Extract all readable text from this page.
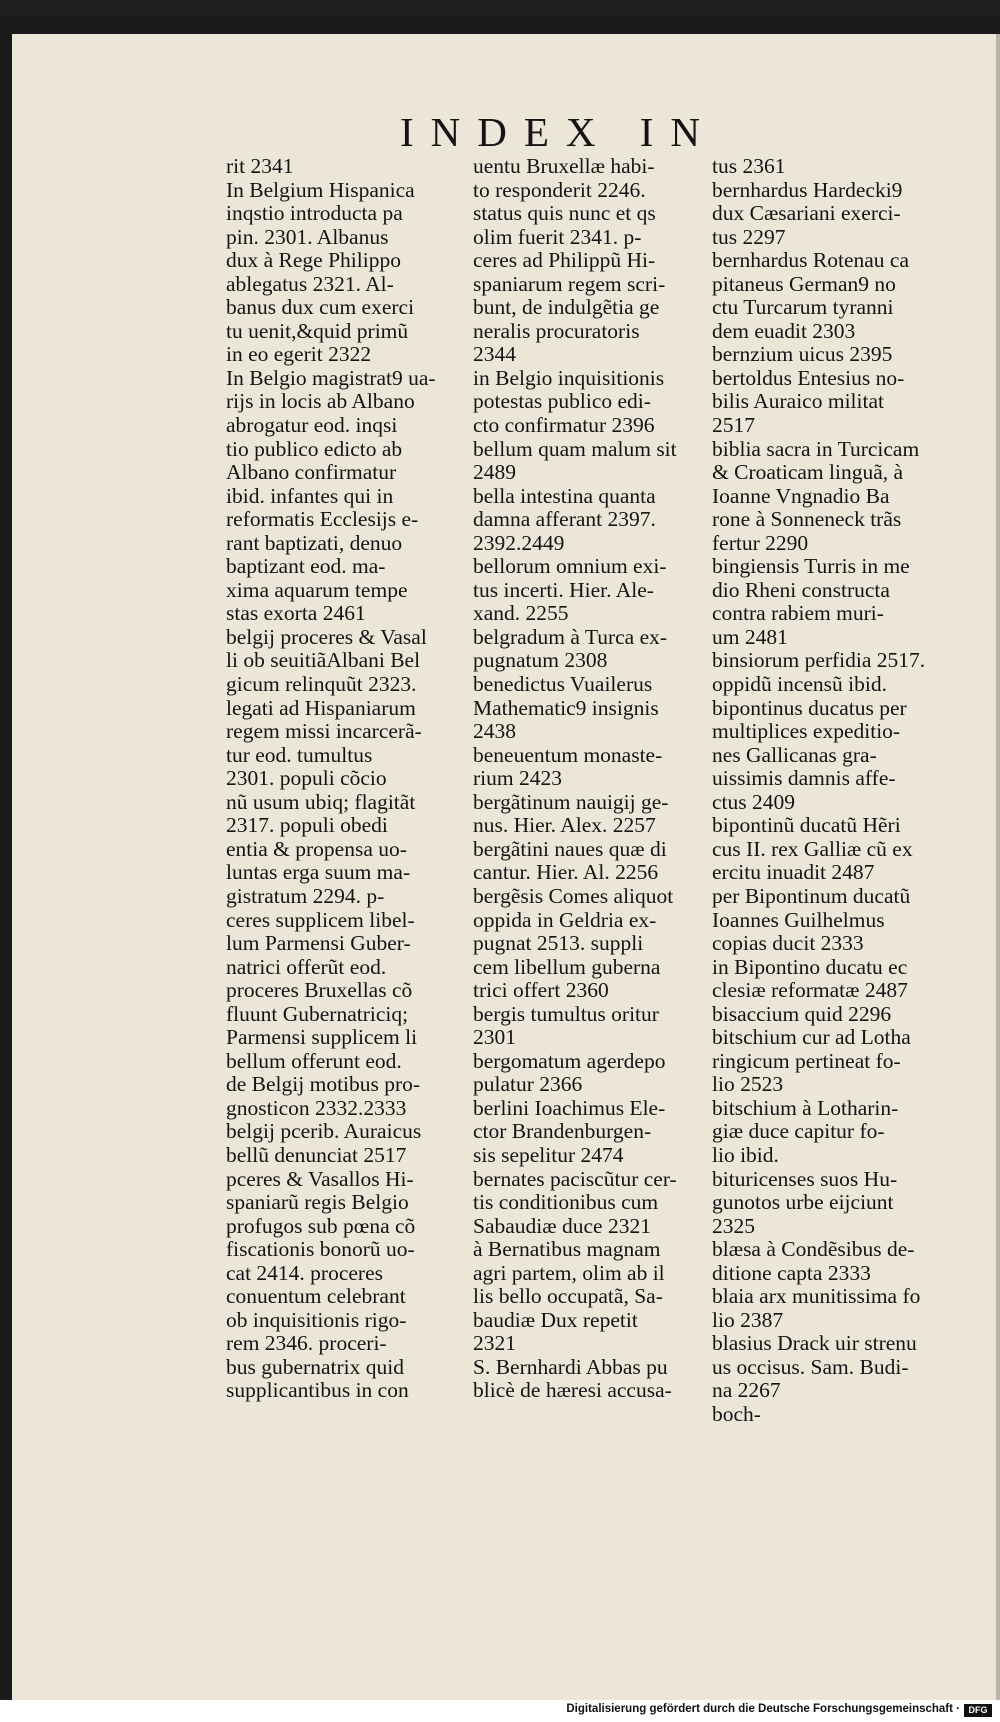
INDEX IN
rit 2341
In Belgium Hispanica
inqstio introducta pa
pin. 2301. Albanus
dux à Rege Philippo
ablegatus 2321. Al-
banus dux cum exerci
tu uenit,&quid primũ
in eo egerit 2322
In Belgio magistrat9 ua-
rijs in locis ab Albano
abrogatur eod. inqsi
tio publico edicto ab
Albano confirmatur
ibid. infantes qui in
reformatis Ecclesijs e-
rant baptizati, denuo
baptizant eod. ma-
xima aquarum tempe
stas exorta 2461
belgij proceres & Vasal
li ob seuitiãAlbani Bel
gicum relinquũt 2323.
legati ad Hispaniarum
regem missi incarcerã-
tur eod. tumultus
2301. populi cõcio
nũ usum ubiq; flagitãt
2317. populi obedi
entia & propensa uo-
luntas erga suum ma-
gistratum 2294. p-
ceres supplicem libel-
lum Parmensi Guber-
natrici offerũt eod.
proceres Bruxellas cõ
fluunt Gubernatriciq;
Parmensi supplicem li
bellum offerunt eod.
de Belgij motibus pro-
gnosticon 2332.2333
belgij pcerib. Auraicus
bellũ denunciat 2517
pceres & Vasallos Hi-
spaniarũ regis Belgio
profugos sub pœna cõ
fiscationis bonorũ uo-
cat 2414. proceres
conuentum celebrant
ob inquisitionis rigo-
rem 2346. proceri-
bus gubernatrix quid
supplicantibus in con
uentu Bruxellæ habi-
to responderit 2246.
status quis nunc et qs
olim fuerit 2341. p-
ceres ad Philippũ Hi-
spaniarum regem scri-
bunt, de indulgẽtia ge
neralis procuratoris
2344
in Belgio inquisitionis
potestas publico edi-
cto confirmatur 2396
bellum quam malum sit
2489
bella intestina quanta
damna afferant 2397.
2392.2449
bellorum omnium exi-
tus incerti. Hier. Ale-
xand. 2255
belgradum à Turca ex-
pugnatum 2308
benedictus Vuailerus
Mathematic9 insignis
2438
beneuentum monaste-
rium 2423
bergãtinum nauigij ge-
nus. Hier. Alex. 2257
bergãtini naues quæ di
cantur. Hier. Al. 2256
bergẽsis Comes aliquot
oppida in Geldria ex-
pugnat 2513. suppli
cem libellum guberna
trici offert 2360
bergis tumultus oritur
2301
bergomatum agerdepo
pulatur 2366
berlini Ioachimus Ele-
ctor Brandenburgen-
sis sepelitur 2474
bernates paciscũtur cer-
tis conditionibus cum
Sabaudiæ duce 2321
à Bernatibus magnam
agri partem, olim ab il
lis bello occupatã, Sa-
baudiæ Dux repetit
2321
S. Bernhardi Abbas pu
blicè de hæresi accusa-
tus 2361
bernhardus Hardecki9
dux Cæsariani exerci-
tus 2297
bernhardus Rotenau ca
pitaneus German9 no
ctu Turcarum tyranni
dem euadit 2303
bernzium uicus 2395
bertoldus Entesius no-
bilis Auraico militat
2517
biblia sacra in Turcicam
& Croaticam linguã, à
Ioanne Vngnadio Ba
rone à Sonneneck trãs
fertur 2290
bingiensis Turris in me
dio Rheni constructa
contra rabiem muri-
um 2481
binsiorum perfidia 2517.
oppidũ incensũ ibid.
bipontinus ducatus per
multiplices expeditio-
nes Gallicanas gra-
uissimis damnis affe-
ctus 2409
bipontinũ ducatũ Hẽri
cus II. rex Galliæ cũ ex
ercitu inuadit 2487
per Bipontinum ducatũ
Ioannes Guilhelmus
copias ducit 2333
in Bipontino ducatu ec
clesiæ reformatæ 2487
bisaccium quid 2296
bitschium cur ad Lotha
ringicum pertineat fo-
lio 2523
bitschium à Lotharin-
giæ duce capitur fo-
lio ibid.
bituricenses suos Hu-
gunotos urbe eijciunt
2325
blæsa à Condẽsibus de-
ditione capta 2333
blaia arx munitissima fo
lio 2387
blasius Drack uir strenu
us occisus. Sam. Budi-
na 2267
boch-
Digitalisierung gefördert durch die Deutsche Forschungsgemeinschaft · DFG
